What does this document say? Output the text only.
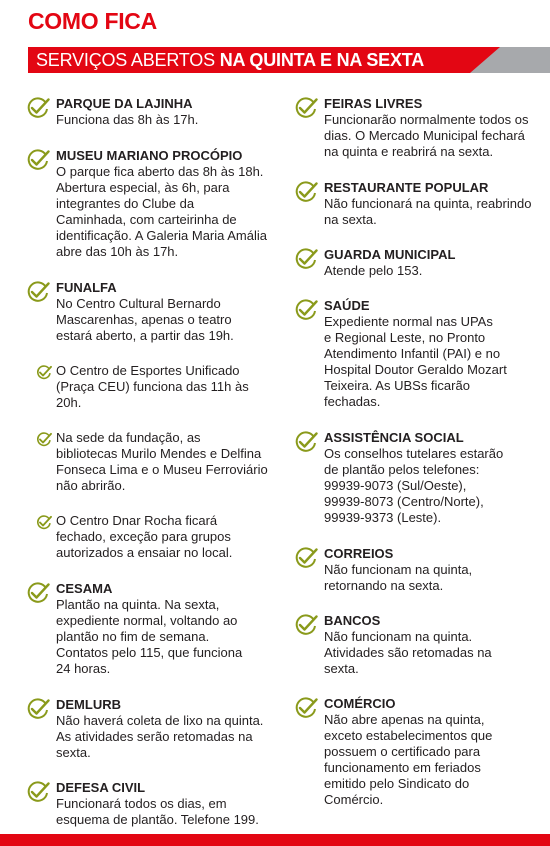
COMO FICA
SERVIÇOS ABERTOS NA QUINTA E NA SEXTA

PARQUE DA LAJINHA

Funciona das 8h às 17h.

MUSEU MARIANO PROCÓPIO

O parque fica aberto das 8h às 18h.

Abertura especial, às 6h, para

integrantes do Clube da

Caminhada, com carteirinha de

identificação. A Galeria Maria Amália

abre das 10h às 17h.

FUNALFA

No Centro Cultural Bernardo

Mascarenhas, apenas o teatro

estará aberto, a partir das 19h.

O Centro de Esportes Unificado

(Praça CEU) funciona das 11h às

20h.

Na sede da fundação, as

bibliotecas Murilo Mendes e Delfina

Fonseca Lima e o Museu Ferroviário

não abrirão.

O Centro Dnar Rocha ficará

fechado, exceção para grupos

autorizados a ensaiar no local.

CESAMA

Plantão na quinta. Na sexta,

expediente normal, voltando ao

plantão no fim de semana.

Contatos pelo 115, que funciona

24 horas.

DEMLURB

Não haverá coleta de lixo na quinta.

As atividades serão retomadas na

sexta.

DEFESA CIVIL

Funcionará todos os dias, em

esquema de plantão. Telefone 199.

FEIRAS LIVRES

Funcionarão normalmente todos os

dias. O Mercado Municipal fechará

na quinta e reabrirá na sexta.

RESTAURANTE POPULAR

Não funcionará na quinta, reabrindo

na sexta.

GUARDA MUNICIPAL

Atende pelo 153.

SAÚDE

Expediente normal nas UPAs

e Regional Leste, no Pronto

Atendimento Infantil (PAI) e no

Hospital Doutor Geraldo Mozart

Teixeira. As UBSs ficarão

fechadas.

ASSISTÊNCIA SOCIAL

Os conselhos tutelares estarão

de plantão pelos telefones:

99939-9073 (Sul/Oeste),

99939-8073 (Centro/Norte),

99939-9373 (Leste).

CORREIOS

Não funcionam na quinta,

retornando na sexta.

BANCOS

Não funcionam na quinta.

Atividades são retomadas na

sexta.

COMÉRCIO

Não abre apenas na quinta,

exceto estabelecimentos que

possuem o certificado para

funcionamento em feriados

emitido pelo Sindicato do

Comércio.
